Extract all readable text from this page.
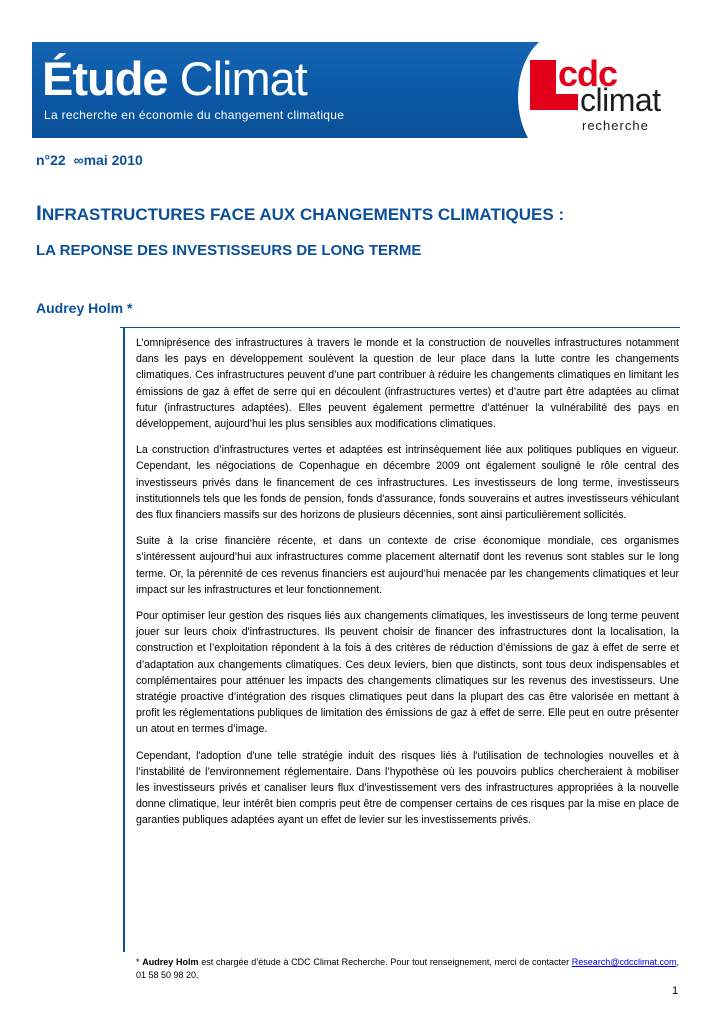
Étude Climat
La recherche en économie du changement climatique
cdc
climat
recherche
n°22 ∞mai 2010
INFRASTRUCTURES FACE AUX CHANGEMENTS CLIMATIQUES :
LA REPONSE DES INVESTISSEURS DE LONG TERME
Audrey Holm *

L’omniprésence des infrastructures à travers le monde et la construction de nouvelles infrastructures notamment dans les pays en développement soulèvent la question de leur place dans la lutte contre les changements climatiques. Ces infrastructures peuvent d’une part contribuer à réduire les changements climatiques en limitant les émissions de gaz à effet de serre qui en découlent (infrastructures vertes) et d’autre part être adaptées au climat futur (infrastructures adaptées). Elles peuvent également permettre d’atténuer la vulnérabilité des pays en développement, aujourd’hui les plus sensibles aux modifications climatiques.

La construction d’infrastructures vertes et adaptées est intrinsèquement liée aux politiques publiques en vigueur. Cependant, les négociations de Copenhague en décembre 2009 ont également souligné le rôle central des investisseurs privés dans le financement de ces infrastructures. Les investisseurs de long terme, investisseurs institutionnels tels que les fonds de pension, fonds d'assurance, fonds souverains et autres investisseurs véhiculant des flux financiers massifs sur des horizons de plusieurs décennies, sont ainsi particulièrement sollicités.

Suite à la crise financière récente, et dans un contexte de crise économique mondiale, ces organismes s’intéressent aujourd’hui aux infrastructures comme placement alternatif dont les revenus sont stables sur le long terme. Or, la pérennité de ces revenus financiers est aujourd’hui menacée par les changements climatiques et leur impact sur les infrastructures et leur fonctionnement.

Pour optimiser leur gestion des risques liés aux changements climatiques, les investisseurs de long terme peuvent jouer sur leurs choix d'infrastructures. Ils peuvent choisir de financer des infrastructures dont la localisation, la construction et l’exploitation répondent à la fois à des critères de réduction d’émissions de gaz à effet de serre et d’adaptation aux changements climatiques. Ces deux leviers, bien que distincts, sont tous deux indispensables et complémentaires pour atténuer les impacts des changements climatiques sur les revenus des investisseurs. Une stratégie proactive d’intégration des risques climatiques peut dans la plupart des cas être valorisée en mettant à profit les réglementations publiques de limitation des émissions de gaz à effet de serre. Elle peut en outre présenter un atout en termes d’image.

Cependant, l'adoption d'une telle stratégie induit des risques liés à l'utilisation de technologies nouvelles et à l’instabilité de l’environnement réglementaire. Dans l’hypothèse où les pouvoirs publics chercheraient à mobiliser les investisseurs privés et canaliser leurs flux d’investissement vers des infrastructures appropriées à la nouvelle donne climatique, leur intérêt bien compris peut être de compenser certains de ces risques par la mise en place de garanties publiques adaptées ayant un effet de levier sur les investissements privés.

* Audrey Holm est chargée d’étude à CDC Climat Recherche. Pour tout renseignement, merci de contacter Research@cdcclimat.com, 01 58 50 98 20.
1
